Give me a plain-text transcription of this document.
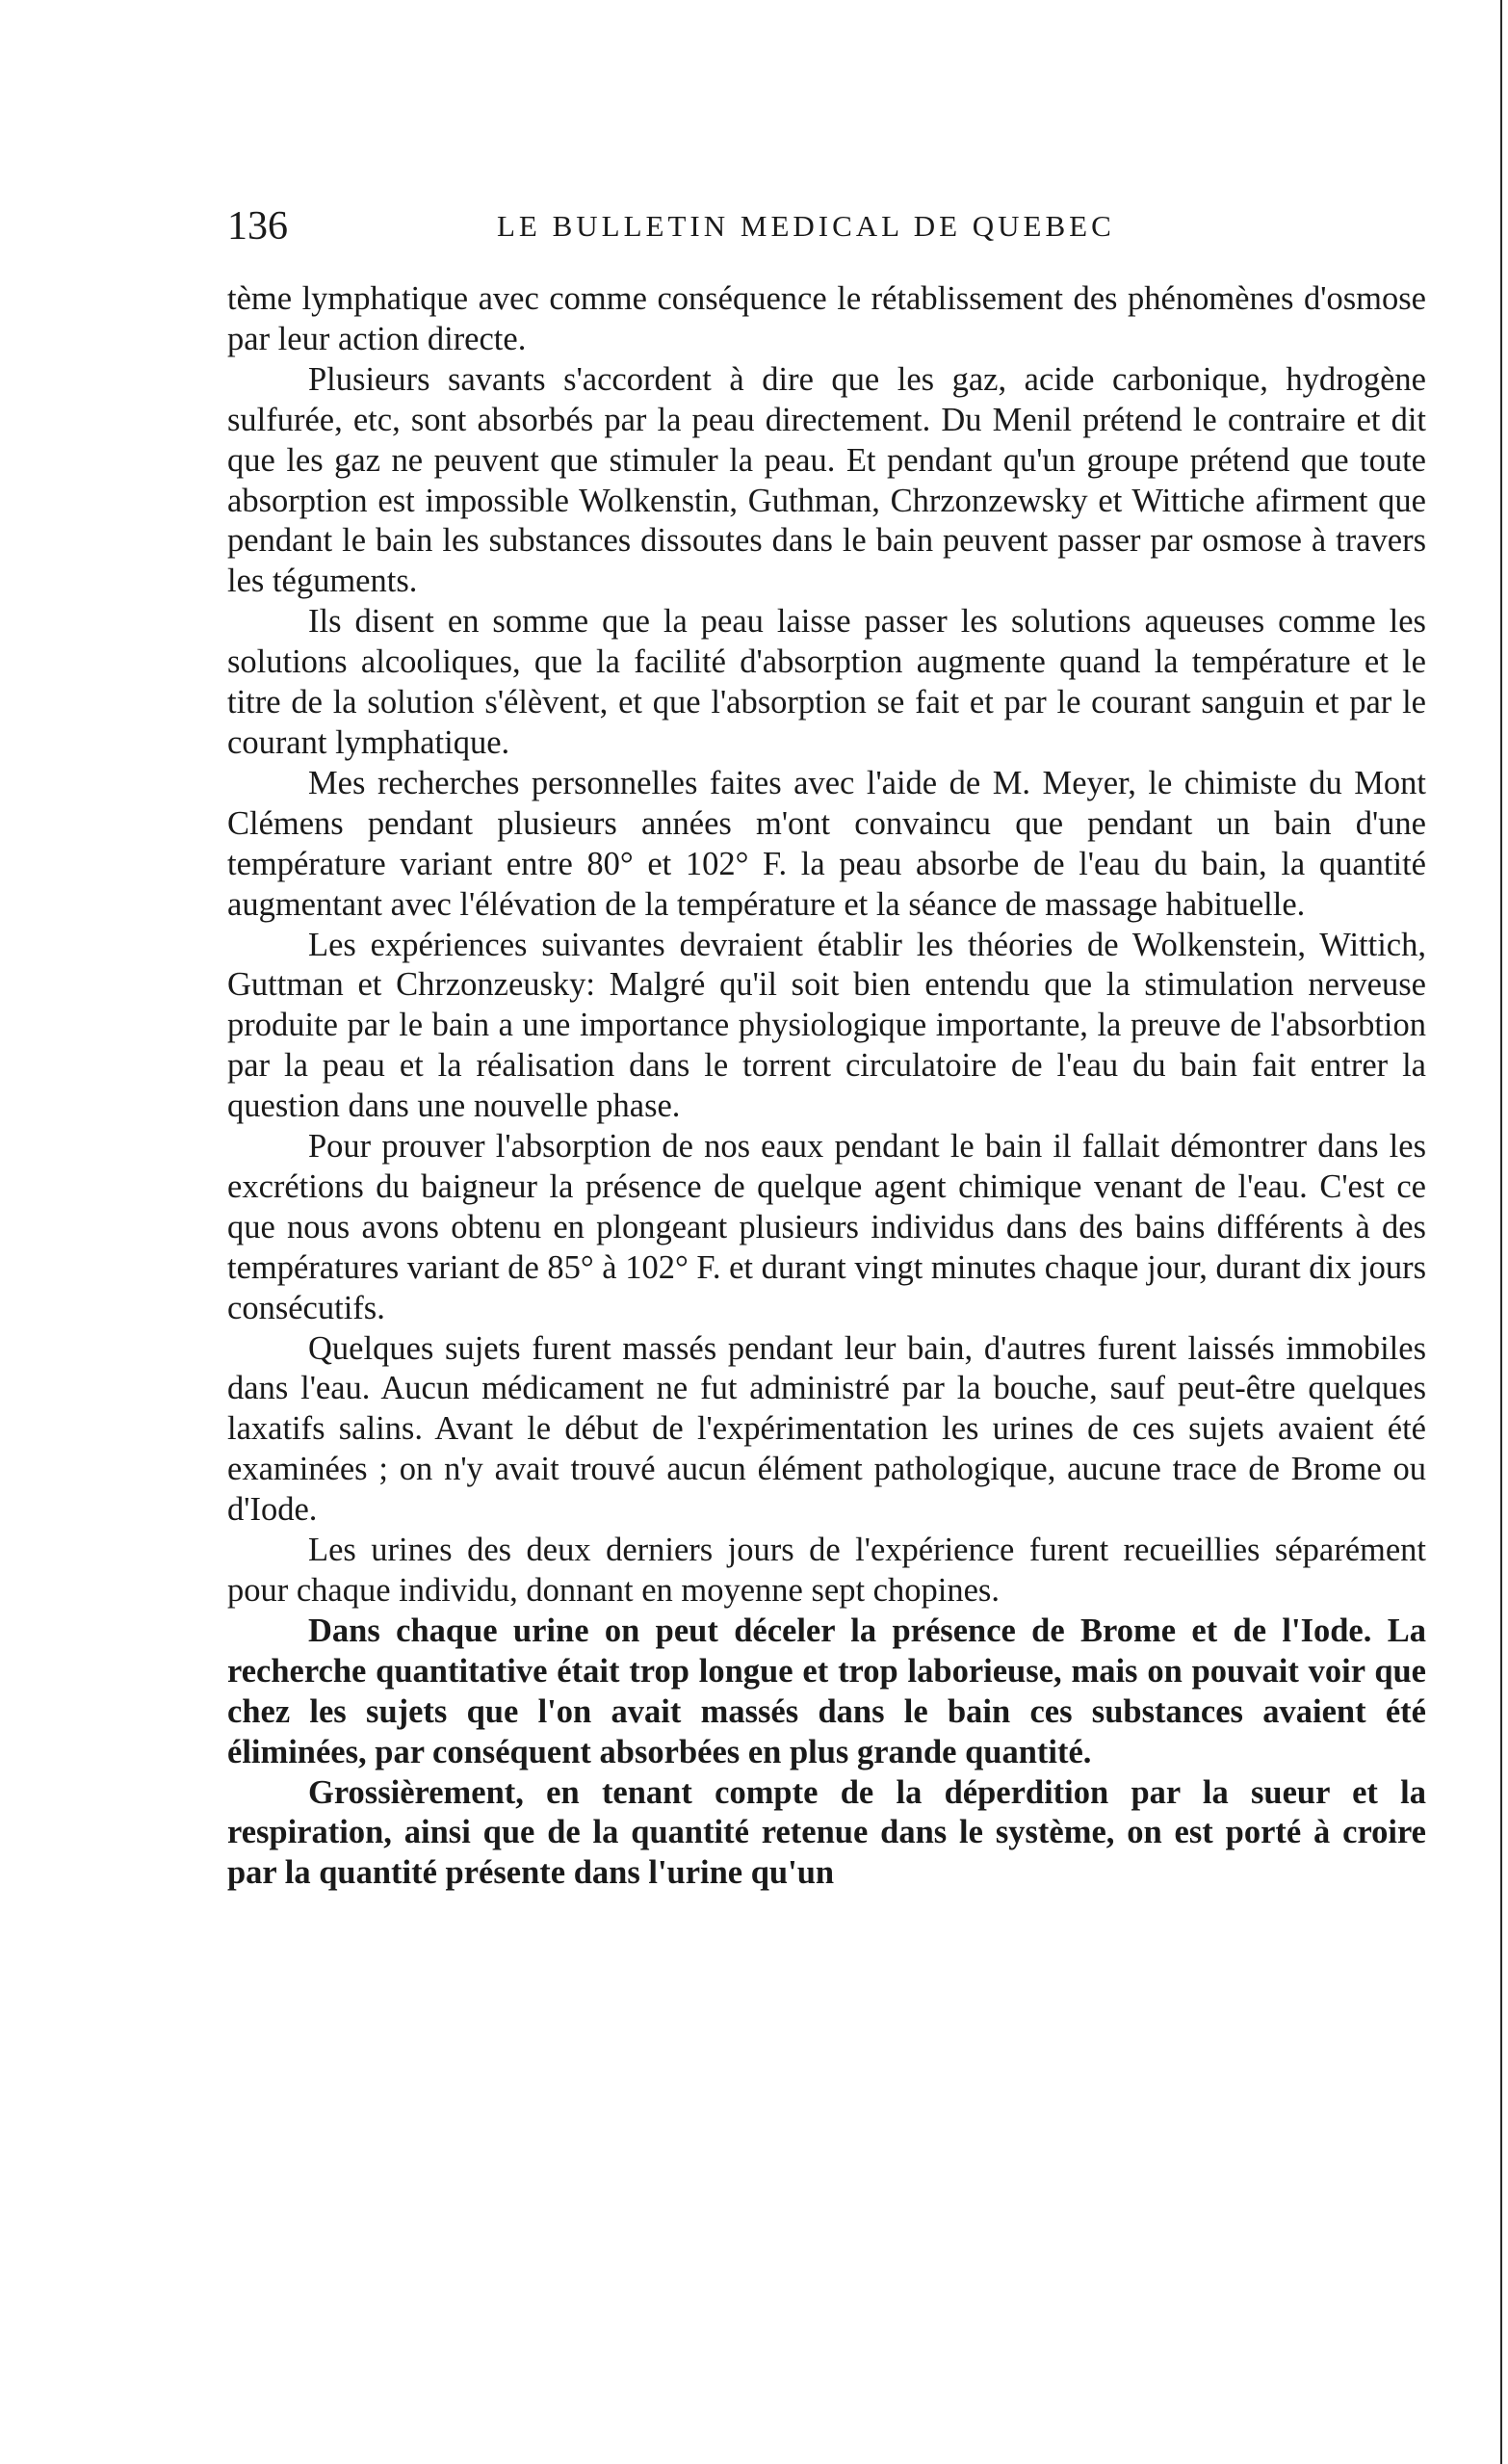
136	LE BULLETIN MEDICAL DE QUEBEC

tème lymphatique avec comme conséquence le rétablissement des phénomènes d'osmose par leur action directe.

Plusieurs savants s'accordent à dire que les gaz, acide carbonique, hydrogène sulfurée, etc, sont absorbés par la peau directement. Du Menil prétend le contraire et dit que les gaz ne peuvent que stimuler la peau. Et pendant qu'un groupe prétend que toute absorption est impossible Wolkenstin, Guthman, Chrzonzewsky et Wittiche afirment que pendant le bain les substances dissoutes dans le bain peuvent passer par osmose à travers les téguments.

Ils disent en somme que la peau laisse passer les solutions aqueuses comme les solutions alcooliques, que la facilité d'absorption augmente quand la température et le titre de la solution s'élèvent, et que l'absorption se fait et par le courant sanguin et par le courant lymphatique.

Mes recherches personnelles faites avec l'aide de M. Meyer, le chimiste du Mont Clémens pendant plusieurs années m'ont convaincu que pendant un bain d'une température variant entre 80° et 102° F. la peau absorbe de l'eau du bain, la quantité augmentant avec l'élévation de la température et la séance de massage habituelle.

Les expériences suivantes devraient établir les théories de Wolkenstein, Wittich, Guttman et Chrzonzeusky: Malgré qu'il soit bien entendu que la stimulation nerveuse produite par le bain a une importance physiologique importante, la preuve de l'absorbtion par la peau et la réalisation dans le torrent circulatoire de l'eau du bain fait entrer la question dans une nouvelle phase.

Pour prouver l'absorption de nos eaux pendant le bain il fallait démontrer dans les excrétions du baigneur la présence de quelque agent chimique venant de l'eau. C'est ce que nous avons obtenu en plongeant plusieurs individus dans des bains différents à des températures variant de 85° à 102° F. et durant vingt minutes chaque jour, durant dix jours consécutifs.

Quelques sujets furent massés pendant leur bain, d'autres furent laissés immobiles dans l'eau. Aucun médicament ne fut administré par la bouche, sauf peut-être quelques laxatifs salins. Avant le début de l'expérimentation les urines de ces sujets avaient été examinées ; on n'y avait trouvé aucun élément pathologique, aucune trace de Brome ou d'Iode.

Les urines des deux derniers jours de l'expérience furent recueillies séparément pour chaque individu, donnant en moyenne sept chopines.

Dans chaque urine on peut déceler la présence de Brome et de l'Iode. La recherche quantitative était trop longue et trop laborieuse, mais on pouvait voir que chez les sujets que l'on avait massés dans le bain ces substances avaient été éliminées, par conséquent absorbées en plus grande quantité.

Grossièrement, en tenant compte de la déperdition par la sueur et la respiration, ainsi que de la quantité retenue dans le système, on est porté à croire par la quantité présente dans l'urine qu'un
